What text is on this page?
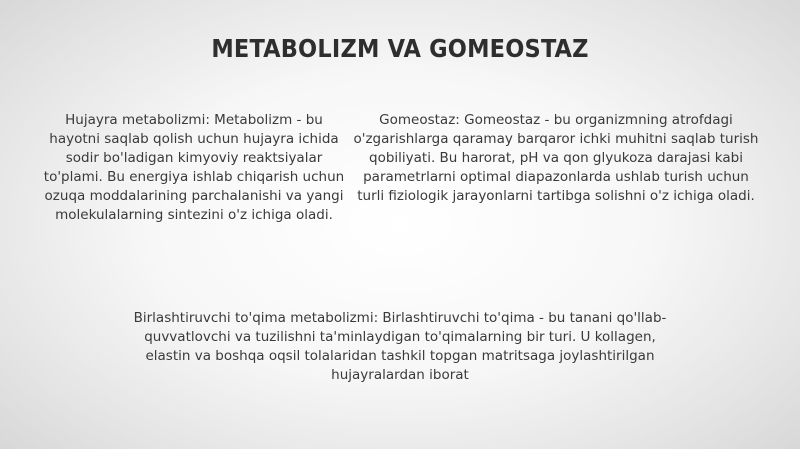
METABOLIZM VA GOMEOSTAZ

Hujayra metabolizmi: Metabolizm - bu hayotni saqlab qolish uchun hujayra ichida sodir bo'ladigan kimyoviy reaktsiyalar to'plami. Bu energiya ishlab chiqarish uchun ozuqa moddalarining parchalanishi va yangi molekulalarning sintezini o'z ichiga oladi.

Gomeostaz: Gomeostaz - bu organizmning atrofdagi o'zgarishlarga qaramay barqaror ichki muhitni saqlab turish qobiliyati. Bu harorat, pH va qon glyukoza darajasi kabi parametrlarni optimal diapazonlarda ushlab turish uchun turli fiziologik jarayonlarni tartibga solishni o'z ichiga oladi.

Birlashtiruvchi to'qima metabolizmi: Birlashtiruvchi to'qima - bu tanani qo'llab-quvvatlovchi va tuzilishni ta'minlaydigan to'qimalarning bir turi. U kollagen, elastin va boshqa oqsil tolalaridan tashkil topgan matritsaga joylashtirilgan hujayralardan iborat
